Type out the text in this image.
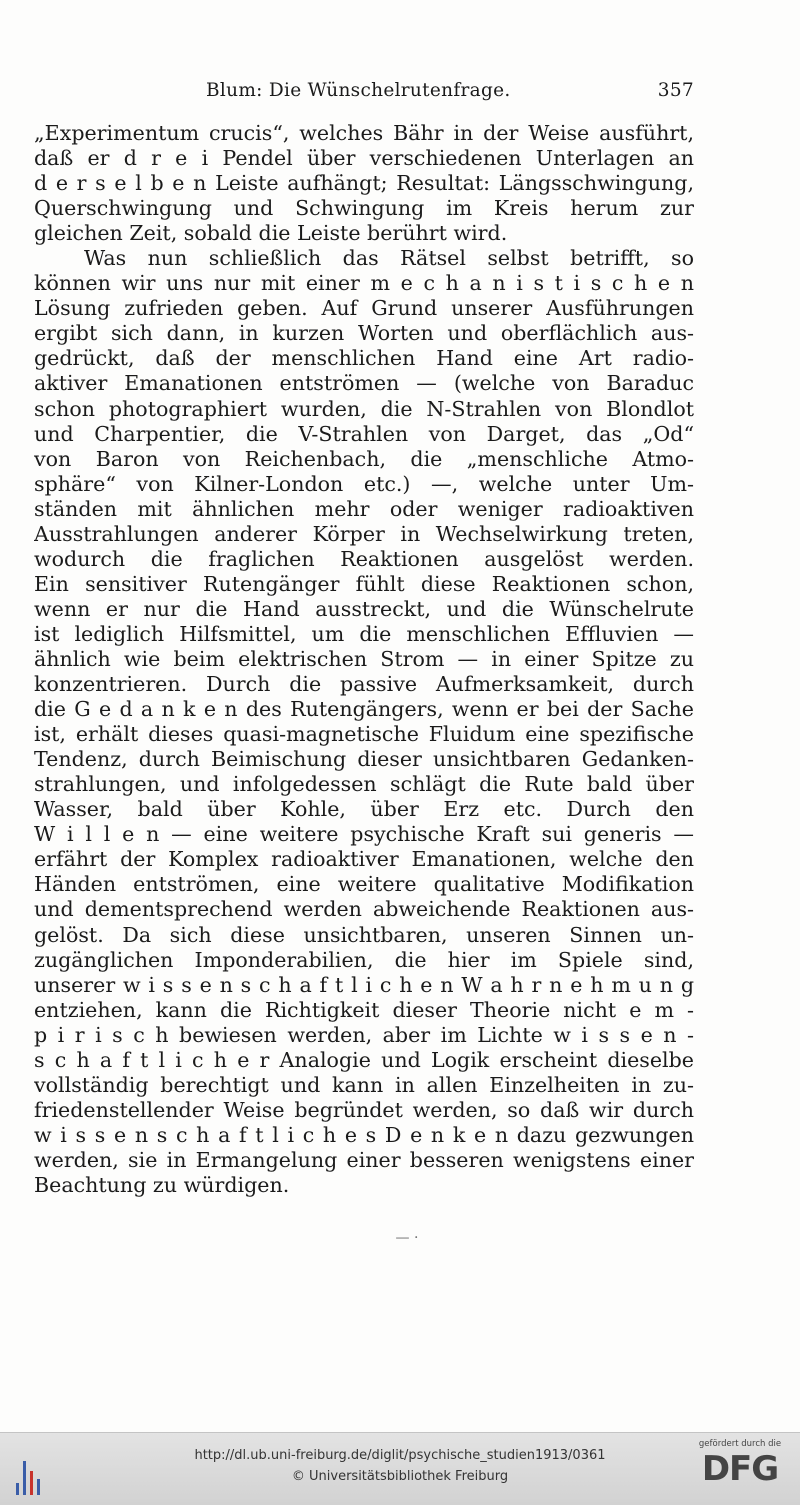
Blum: Die Wünschelrutenfrage.	357
„Experimentum crucis“, welches Bähr in der Weise ausführt,
daß er d r e i Pendel über verschiedenen Unterlagen an
d e r s e l b e n Leiste aufhängt; Resultat: Längsschwingung,
Querschwingung und Schwingung im Kreis herum zur
gleichen Zeit, sobald die Leiste berührt wird.
Was nun schließlich das Rätsel selbst betrifft, so
können wir uns nur mit einer m e c h a n i s t i s c h e n
Lösung zufrieden geben. Auf Grund unserer Ausführungen
ergibt sich dann, in kurzen Worten und oberflächlich aus-
gedrückt, daß der menschlichen Hand eine Art radio-
aktiver Emanationen entströmen — (welche von Baraduc
schon photographiert wurden, die N-Strahlen von Blondlot
und Charpentier, die V-Strahlen von Darget, das „Od“
von Baron von Reichenbach, die „menschliche Atmo-
sphäre“ von Kilner-London etc.) —, welche unter Um-
ständen mit ähnlichen mehr oder weniger radioaktiven
Ausstrahlungen anderer Körper in Wechselwirkung treten,
wodurch die fraglichen Reaktionen ausgelöst werden.
Ein sensitiver Rutengänger fühlt diese Reaktionen schon,
wenn er nur die Hand ausstreckt, und die Wünschelrute
ist lediglich Hilfsmittel, um die menschlichen Effluvien —
ähnlich wie beim elektrischen Strom — in einer Spitze zu
konzentrieren. Durch die passive Aufmerksamkeit, durch
die G e d a n k e n des Rutengängers, wenn er bei der Sache
ist, erhält dieses quasi-magnetische Fluidum eine spezifische
Tendenz, durch Beimischung dieser unsichtbaren Gedanken-
strahlungen, und infolgedessen schlägt die Rute bald über
Wasser, bald über Kohle, über Erz etc. Durch den
W i l l e n — eine weitere psychische Kraft sui generis —
erfährt der Komplex radioaktiver Emanationen, welche den
Händen entströmen, eine weitere qualitative Modifikation
und dementsprechend werden abweichende Reaktionen aus-
gelöst. Da sich diese unsichtbaren, unseren Sinnen un-
zugänglichen Imponderabilien, die hier im Spiele sind,
unserer w i s s e n s c h a f t l i c h e n W a h r n e h m u n g
entziehen, kann die Richtigkeit dieser Theorie nicht e m -
p i r i s c h bewiesen werden, aber im Lichte w i s s e n -
s c h a f t l i c h e r Analogie und Logik erscheint dieselbe
vollständig berechtigt und kann in allen Einzelheiten in zu-
friedenstellender Weise begründet werden, so daß wir durch
w i s s e n s c h a f t l i c h e s D e n k e n dazu gezwungen
werden, sie in Ermangelung einer besseren wenigstens einer
Beachtung zu würdigen.
— ·
http://dl.ub.uni-freiburg.de/diglit/psychische_studien1913/0361
© Universitätsbibliothek Freiburg
gefördert durch die
DFG
